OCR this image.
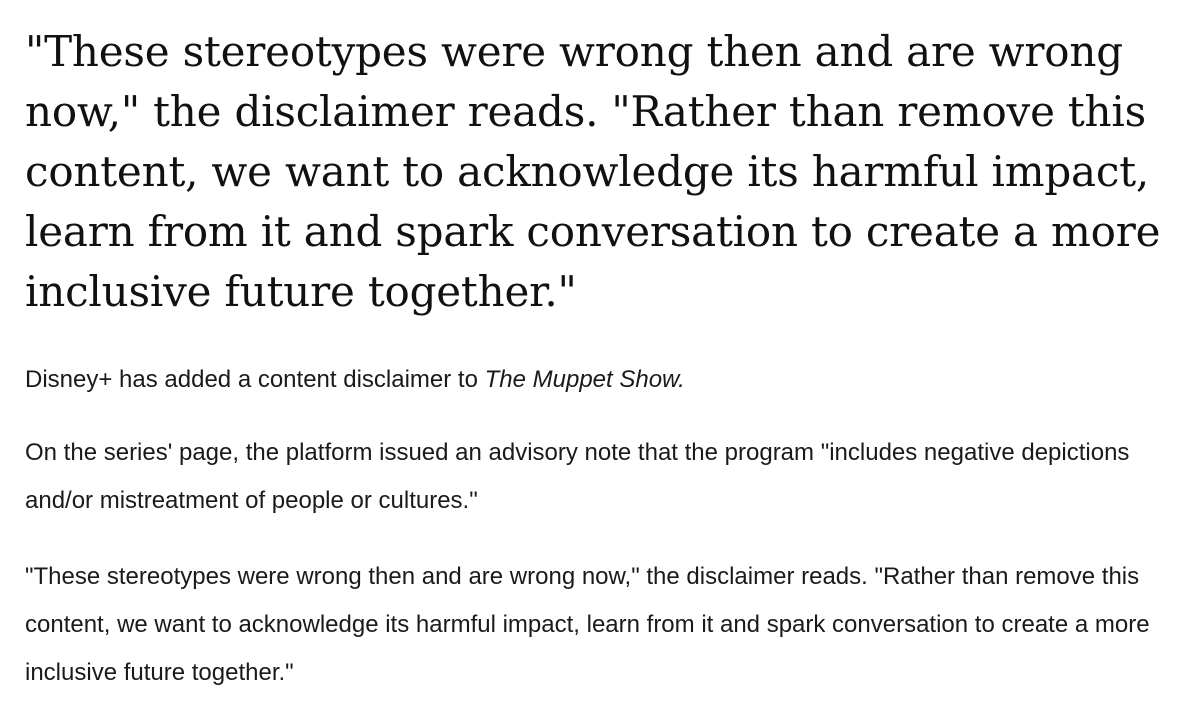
"These stereotypes were wrong then and are wrong now," the disclaimer reads. "Rather than remove this content, we want to acknowledge its harmful impact, learn from it and spark conversation to create a more inclusive future together."

Disney+ has added a content disclaimer to The Muppet Show.

On the series' page, the platform issued an advisory note that the program "includes negative depictions and/or mistreatment of people or cultures."

"These stereotypes were wrong then and are wrong now," the disclaimer reads. "Rather than remove this content, we want to acknowledge its harmful impact, learn from it and spark conversation to create a more inclusive future together."
